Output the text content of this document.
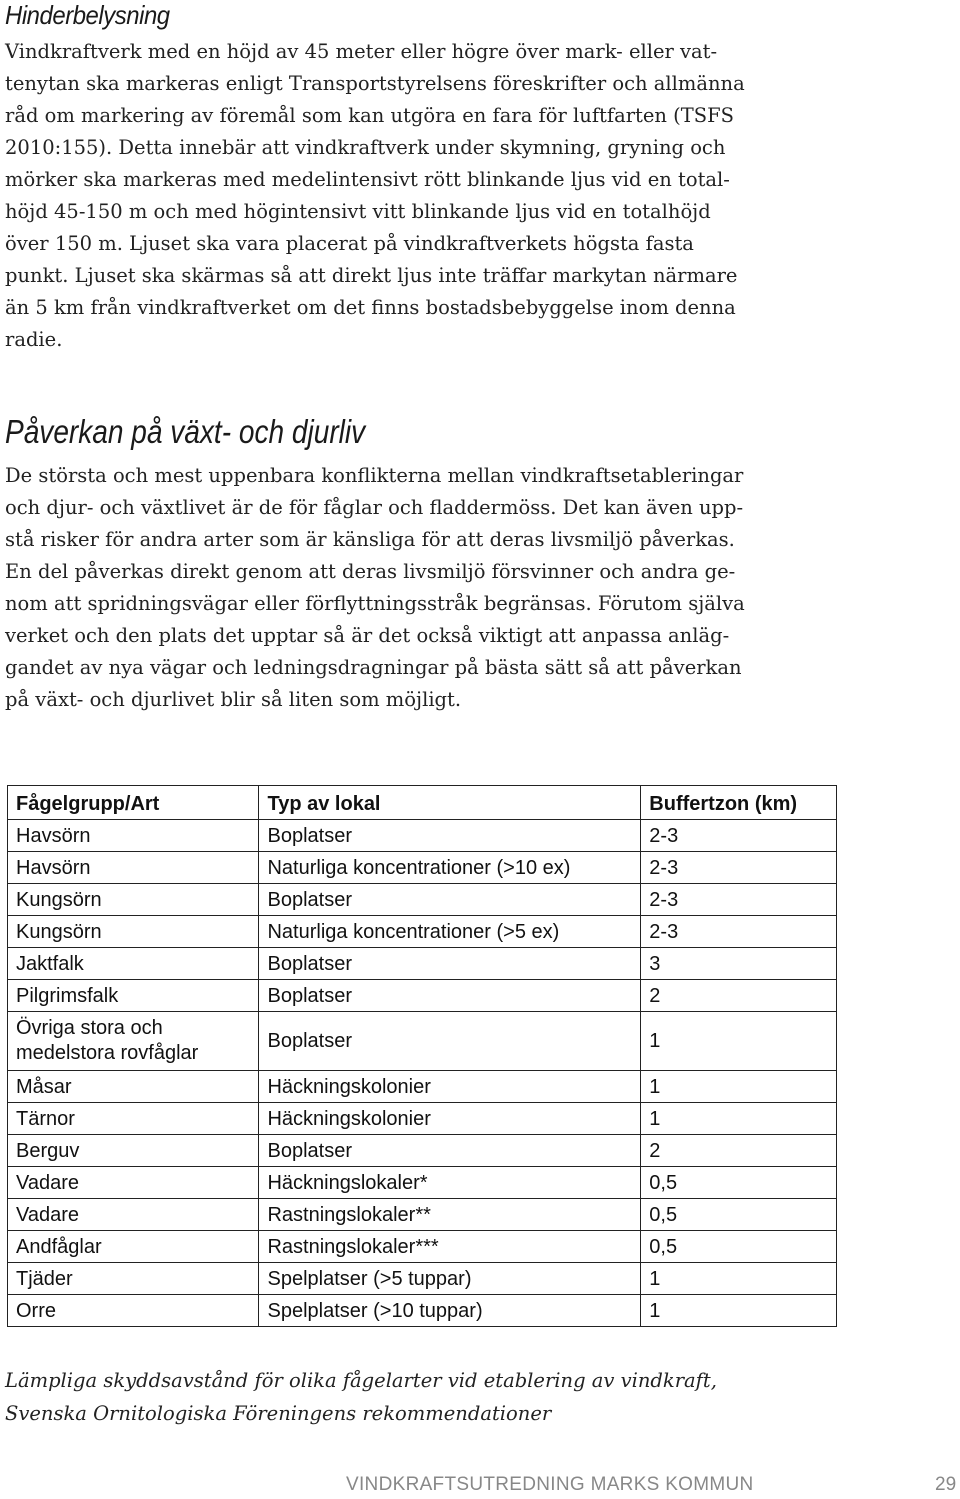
Hinderbelysning

Vindkraftverk med en höjd av 45 meter eller högre över mark- eller vat-
tenytan ska markeras enligt Transportstyrelsens föreskrifter och allmänna
råd om markering av föremål som kan utgöra en fara för luftfarten (TSFS
2010:155). Detta innebär att vindkraftverk under skymning, gryning och
mörker ska markeras med medelintensivt rött blinkande ljus vid en total-
höjd 45-150 m och med högintensivt vitt blinkande ljus vid en totalhöjd
över 150 m. Ljuset ska vara placerat på vindkraftverkets högsta fasta
punkt. Ljuset ska skärmas så att direkt ljus inte träffar markytan närmare
än 5 km från vindkraftverket om det finns bostadsbebyggelse inom denna
radie.

Påverkan på växt- och djurliv

De största och mest uppenbara konflikterna mellan vindkraftsetableringar
och djur- och växtlivet är de för fåglar och fladdermöss. Det kan även upp-
stå risker för andra arter som är känsliga för att deras livsmiljö påverkas.
En del påverkas direkt genom att deras livsmiljö försvinner och andra ge-
nom att spridningsvägar eller förflyttningsstråk begränsas. Förutom själva
verket och den plats det upptar så är det också viktigt att anpassa anläg-
gandet av nya vägar och ledningsdragningar på bästa sätt så att påverkan
på växt- och djurlivet blir så liten som möjligt.

Fågelgrupp/Art	Typ av lokal	Buffertzon (km)
Havsörn	Boplatser	2-3
Havsörn	Naturliga koncentrationer (>10 ex)	2-3
Kungsörn	Boplatser	2-3
Kungsörn	Naturliga koncentrationer (>5 ex)	2-3
Jaktfalk	Boplatser	3
Pilgrimsfalk	Boplatser	2

Övriga stora och
medelstora rovfåglar	Boplatser	1
Måsar	Häckningskolonier	1
Tärnor	Häckningskolonier	1
Berguv	Boplatser	2
Vadare	Häckningslokaler*	0,5
Vadare	Rastningslokaler**	0,5
Andfåglar	Rastningslokaler***	0,5
Tjäder	Spelplatser (>5 tuppar)	1
Orre	Spelplatser (>10 tuppar)	1

Lämpliga skyddsavstånd för olika fågelarter vid etablering av vindkraft,
Svenska Ornitologiska Föreningens rekommendationer

VINDKRAFTSUTREDNING MARKS KOMMUN	29
